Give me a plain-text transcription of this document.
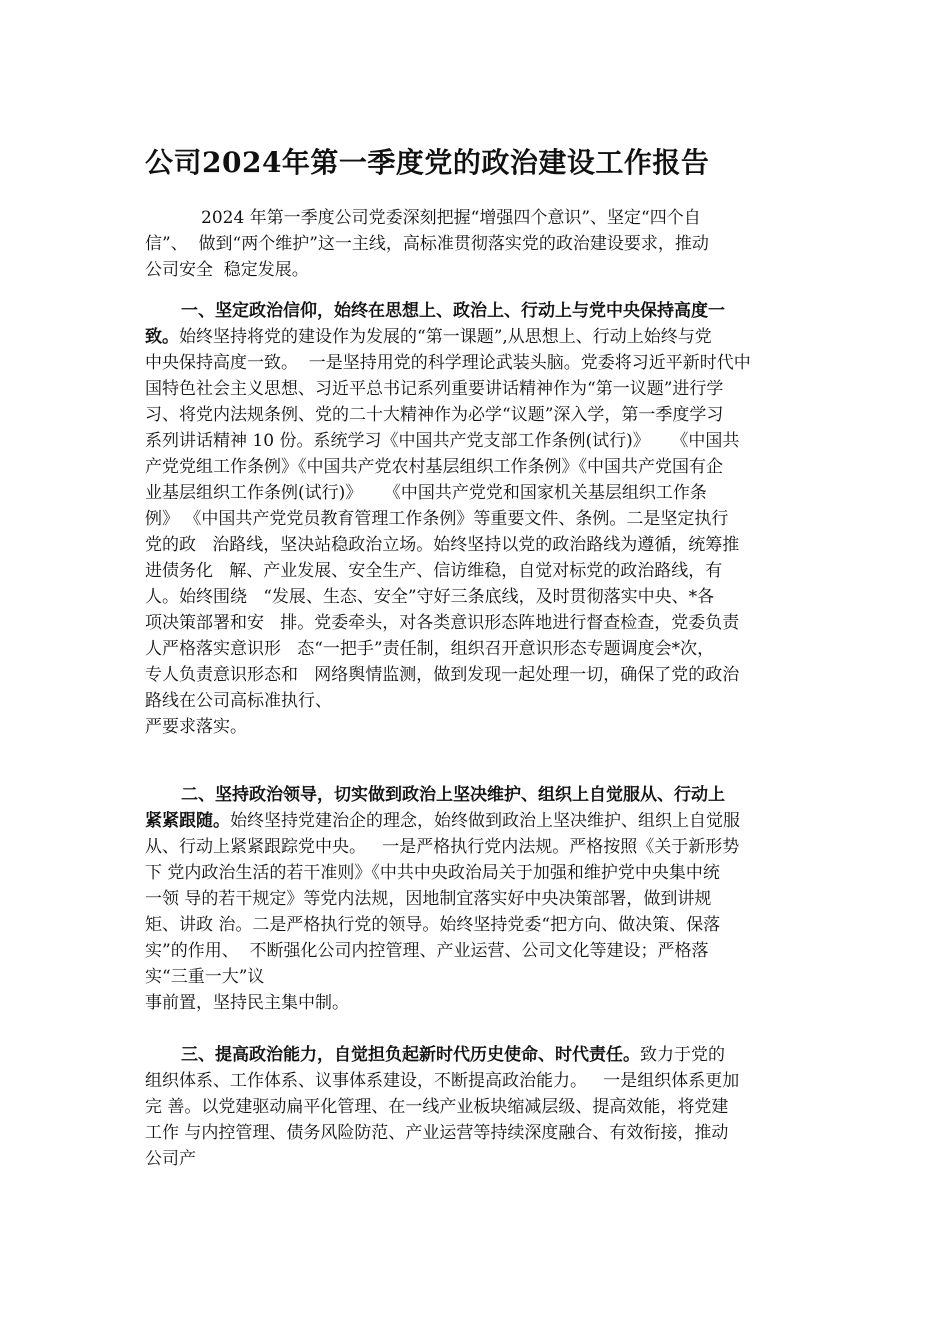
公司2024年第一季度党的政治建设工作报告
2024 年第一季度公司党委深刻把握“增强四个意识”、坚定“四个自
信”、  做到“两个维护”这一主线，高标准贯彻落实党的政治建设要求，推动
公司安全  稳定发展。
一、坚定政治信仰，始终在思想上、政治上、行动上与党中央保持高度一
致。始终坚持将党的建设作为发展的“第一课题”,从思想上、行动上始终与党
中央保持高度一致。  一是坚持用党的科学理论武装头脑。党委将习近平新时代中
国特色社会主义思想、习近平总书记系列重要讲话精神作为“第一议题”进行学
习、将党内法规条例、党的二十大精神作为必学“议题”深入学，第一季度学习
系列讲话精神 10 份。系统学习《中国共产党支部工作条例(试行)》    《中国共
产党党组工作条例》《中国共产党农村基层组织工作条例》《中国共产党国有企
业基层组织工作条例(试行)》    《中国共产党党和国家机关基层组织工作条
例》 《中国共产党党员教育管理工作条例》等重要文件、条例。二是坚定执行
党的政   治路线，坚决站稳政治立场。始终坚持以党的政治路线为遵循，统筹推
进债务化   解、产业发展、安全生产、信访维稳，自觉对标党的政治路线，有
人。始终围绕   “发展、生态、安全”守好三条底线，及时贯彻落实中央、*各
项决策部署和安   排。党委牵头，对各类意识形态阵地进行督查检查，党委负责
人严格落实意识形   态“一把手”责任制，组织召开意识形态专题调度会*次，
专人负责意识形态和   网络舆情监测，做到发现一起处理一切，确保了党的政治
路线在公司高标准执行、
严要求落实。
二、坚持政治领导，切实做到政治上坚决维护、组织上自觉服从、行动上
紧紧跟随。始终坚持党建治企的理念，始终做到政治上坚决维护、组织上自觉服
从、行动上紧紧跟踪党中央。   一是严格执行党内法规。严格按照《关于新形势
下 党内政治生活的若干准则》《中共中央政治局关于加强和维护党中央集中统
一领 导的若干规定》等党内法规，因地制宜落实好中央决策部署，做到讲规
矩、讲政 治。二是严格执行党的领导。始终坚持党委“把方向、做决策、保落
实”的作用、  不断强化公司内控管理、产业运营、公司文化等建设；严格落
实“三重一大”议
事前置，坚持民主集中制。
三、提高政治能力，自觉担负起新时代历史使命、时代责任。致力于党的
组织体系、工作体系、议事体系建设，不断提高政治能力。   一是组织体系更加
完 善。以党建驱动扁平化管理、在一线产业板块缩减层级、提高效能，将党建
工作 与内控管理、债务风险防范、产业运营等持续深度融合、有效衔接，推动
公司产
